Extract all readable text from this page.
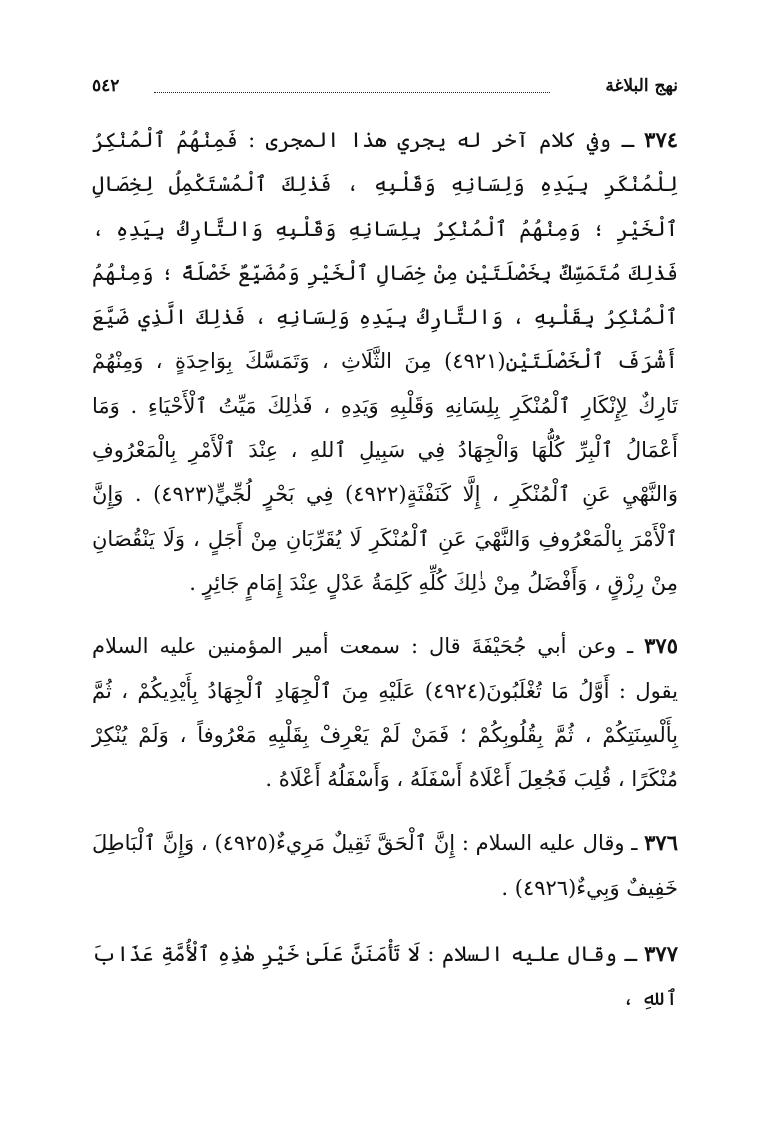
نهج البلاغة
٥٤٢

٣٧٤ ـ وفي كلام آخر له يجري هذا المجرى : فَمِنْهُمُ ٱلْمُنْكِرُ لِلْمُنْكَرِ بِيَدِهِ وَلِسَانِهِ وَقَلْبِهِ ، فَذٰلِكَ ٱلْمُسْتَكْمِلُ لِخِصَالِ ٱلْخَيْرِ ؛ وَمِنْهُمُ ٱلْمُنْكِرُ بِلِسَانِهِ وَقَلْبِهِ وَالتَّارِكُ بِيَدِهِ ، فَذٰلِكَ مُتَمَسِّكٌ بِخَصْلَتَيْنِ مِنْ خِصَالِ ٱلْخَيْرِ وَمُضَيِّعٌ خَصْلَةً ؛ وَمِنْهُمُ ٱلْمُنْكِرُ بِقَلْبِهِ ، وَالتَّارِكُ بِيَدِهِ وَلِسَانِهِ ، فَذٰلِكَ الَّذِي ضَيَّعَ أَشْرَفَ ٱلْخَصْلَتَيْنِ(٤٩٢١) مِنَ الثَّلَاثِ ، وَتَمَسَّكَ بِوَاحِدَةٍ ، وَمِنْهُمْ تَارِكٌ لِإِنْكَارِ ٱلْمُنْكَرِ بِلِسَانِهِ وَقَلْبِهِ وَيَدِهِ ، فَذٰلِكَ مَيِّتُ ٱلْأَحْيَاءِ . وَمَا أَعْمَالُ ٱلْبِرِّ كُلُّهَا وَالْجِهَادُ فِي سَبِيلِ ٱللهِ ، عِنْدَ ٱلْأَمْرِ بِالْمَعْرُوفِ وَالنَّهْيِ عَنِ ٱلْمُنْكَرِ ، إِلَّا كَنَفْثَةٍ(٤٩٢٢) فِي بَحْرٍ لُجِّيٍّ(٤٩٢٣) . وَإِنَّ ٱلْأَمْرَ بِالْمَعْرُوفِ وَالنَّهْيَ عَنِ ٱلْمُنْكَرِ لَا يُقَرِّبَانِ مِنْ أَجَلٍ ، وَلَا يَنْقُصَانِ مِنْ رِزْقٍ ، وَأَفْضَلُ مِنْ ذٰلِكَ كُلِّهِ كَلِمَةُ عَدْلٍ عِنْدَ إِمَامٍ جَائِرٍ .

٣٧٥ ـ وعن أبي جُحَيْفَةَ قال : سمعت أمير المؤمنين عليه السلام يقول : أَوَّلُ مَا تُغْلَبُونَ(٤٩٢٤) عَلَيْهِ مِنَ ٱلْجِهَادِ ٱلْجِهَادُ بِأَيْدِيكُمْ ، ثُمَّ بِأَلْسِنَتِكُمْ ، ثُمَّ بِقُلُوبِكُمْ ؛ فَمَنْ لَمْ يَعْرِفْ بِقَلْبِهِ مَعْرُوفاً ، وَلَمْ يُنْكِرْ مُنْكَرًا ، قُلِبَ فَجُعِلَ أَعْلَاهُ أَسْفَلَهُ ، وَأَسْفَلُهُ أَعْلَاهُ .

٣٧٦ ـ وقال عليه السلام : إِنَّ ٱلْحَقَّ ثَقِيلٌ مَرِيءٌ(٤٩٢٥) ، وَإِنَّ ٱلْبَاطِلَ خَفِيفٌ وَبِيءٌ(٤٩٢٦) .

٣٧٧ ـ وقال عليه السلام : لَا تَأْمَنَنَّ عَلَىٰ خَيْرِ هٰذِهِ ٱلْأُمَّةِ عَذَابَ ٱللهِ ،
